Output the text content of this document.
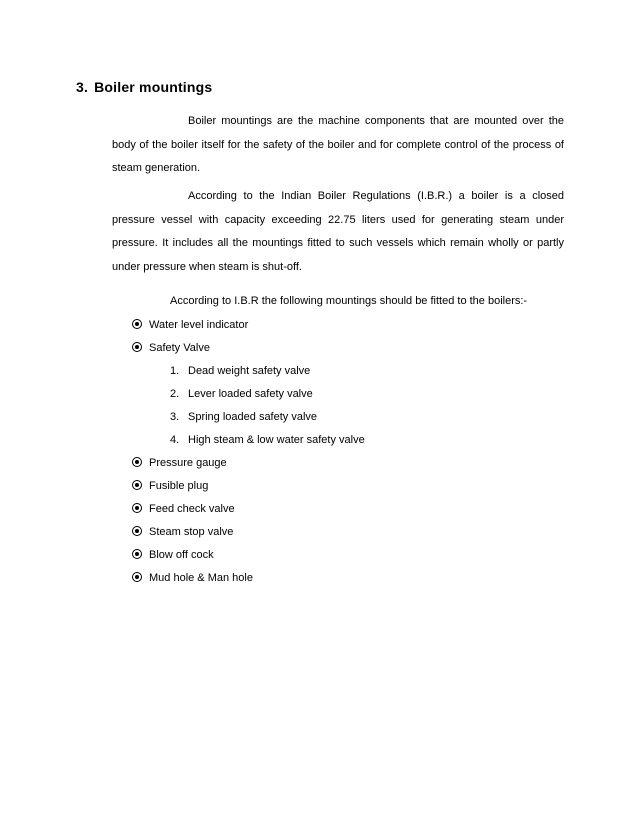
3. Boiler mountings

Boiler mountings are the machine components that are mounted over the body of the boiler itself for the safety of the boiler and for complete control of the process of steam generation.

According to the Indian Boiler Regulations (I.B.R.) a boiler is a closed pressure vessel with capacity exceeding 22.75 liters used for generating steam under pressure. It includes all the mountings fitted to such vessels which remain wholly or partly under pressure when steam is shut-off.

According to I.B.R the following mountings should be fitted to the boilers:-
Water level indicator
Safety Valve
1. Dead weight safety valve
2. Lever loaded safety valve
3. Spring loaded safety valve
4. High steam & low water safety valve
Pressure gauge
Fusible plug
Feed check valve
Steam stop valve
Blow off cock
Mud hole & Man hole
